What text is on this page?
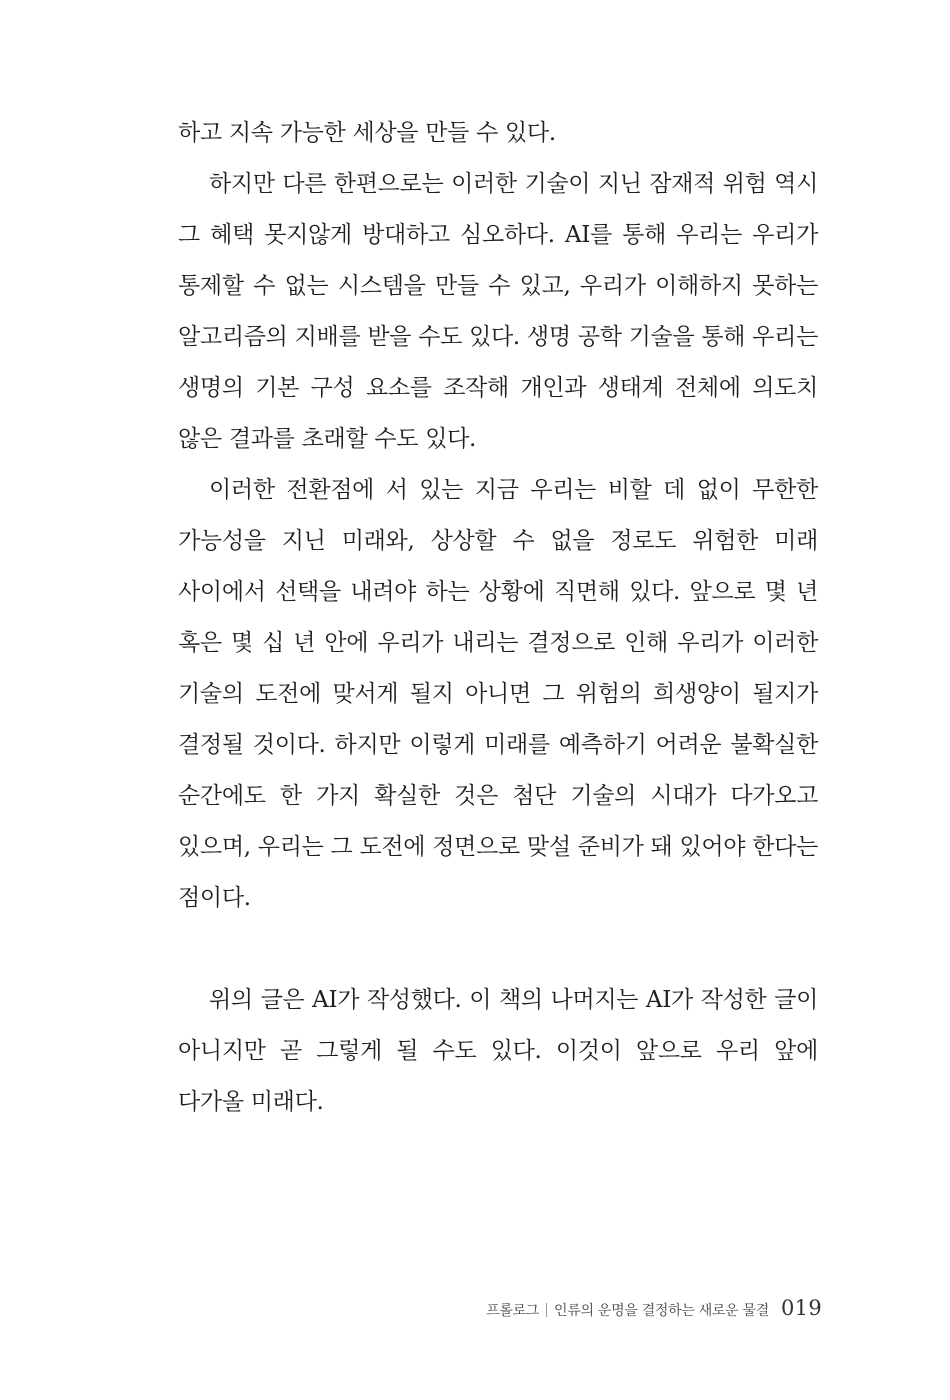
하고 지속 가능한 세상을 만들 수 있다.

하지만 다른 한편으로는 이러한 기술이 지닌 잠재적 위험 역시 그 혜택 못지않게 방대하고 심오하다. AI를 통해 우리는 우리가 통제할 수 없는 시스템을 만들 수 있고, 우리가 이해하지 못하는 알고리즘의 지배를 받을 수도 있다. 생명 공학 기술을 통해 우리는 생명의 기본 구성 요소를 조작해 개인과 생태계 전체에 의도치 않은 결과를 초래할 수도 있다.

이러한 전환점에 서 있는 지금 우리는 비할 데 없이 무한한 가능성을 지닌 미래와, 상상할 수 없을 정로도 위험한 미래 사이에서 선택을 내려야 하는 상황에 직면해 있다. 앞으로 몇 년 혹은 몇 십 년 안에 우리가 내리는 결정으로 인해 우리가 이러한 기술의 도전에 맞서게 될지 아니면 그 위험의 희생양이 될지가 결정될 것이다. 하지만 이렇게 미래를 예측하기 어려운 불확실한 순간에도 한 가지 확실한 것은 첨단 기술의 시대가 다가오고 있으며, 우리는 그 도전에 정면으로 맞설 준비가 돼 있어야 한다는 점이다.

위의 글은 AI가 작성했다. 이 책의 나머지는 AI가 작성한 글이 아니지만 곧 그렇게 될 수도 있다. 이것이 앞으로 우리 앞에 다가올 미래다.

프롤로그 인류의 운명을 결정하는 새로운 물결 019
